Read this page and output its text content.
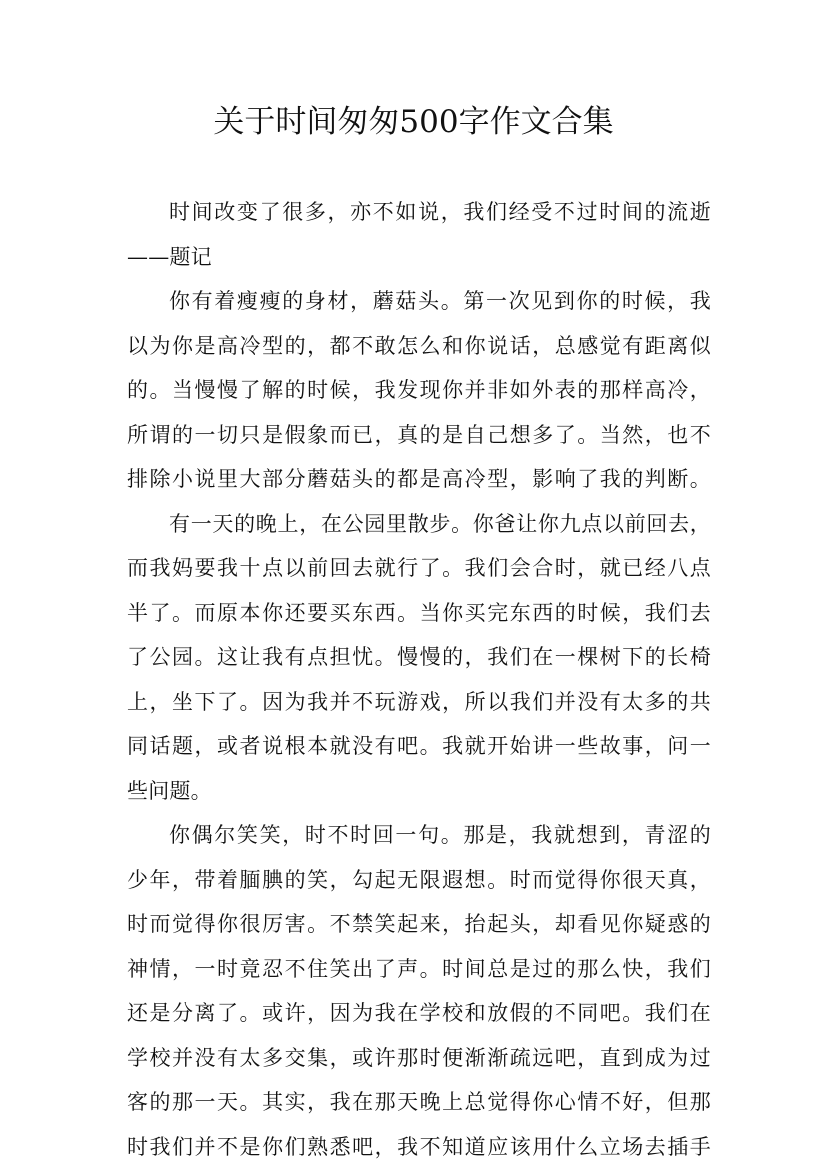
关于时间匆匆500字作文合集
时间改变了很多，亦不如说，我们经受不过时间的流逝
——题记
你有着瘦瘦的身材，蘑菇头。第一次见到你的时候，我
以为你是高冷型的，都不敢怎么和你说话，总感觉有距离似
的。当慢慢了解的时候，我发现你并非如外表的那样高冷，
所谓的一切只是假象而已，真的是自己想多了。当然，也不
排除小说里大部分蘑菇头的都是高冷型，影响了我的判断。
有一天的晚上，在公园里散步。你爸让你九点以前回去，
而我妈要我十点以前回去就行了。我们会合时，就已经八点
半了。而原本你还要买东西。当你买完东西的时候，我们去
了公园。这让我有点担忧。慢慢的，我们在一棵树下的长椅
上，坐下了。因为我并不玩游戏，所以我们并没有太多的共
同话题，或者说根本就没有吧。我就开始讲一些故事，问一
些问题。
你偶尔笑笑，时不时回一句。那是，我就想到，青涩的
少年，带着腼腆的笑，勾起无限遐想。时而觉得你很天真，
时而觉得你很厉害。不禁笑起来，抬起头，却看见你疑惑的
神情，一时竟忍不住笑出了声。时间总是过的那么快，我们
还是分离了。或许，因为我在学校和放假的不同吧。我们在
学校并没有太多交集，或许那时便渐渐疏远吧，直到成为过
客的那一天。其实，我在那天晚上总觉得你心情不好，但那
时我们并不是你们熟悉吧，我不知道应该用什么立场去插手
